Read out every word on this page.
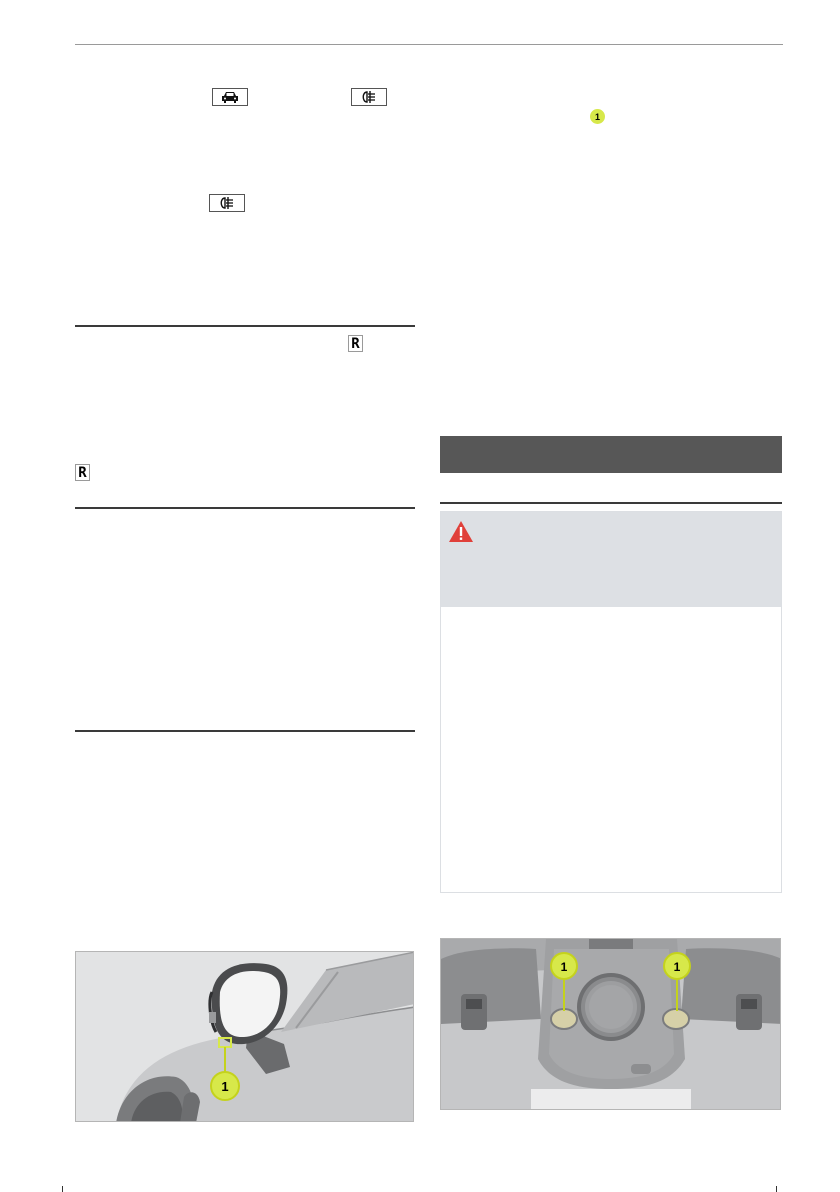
R
R
1
1
1	1
